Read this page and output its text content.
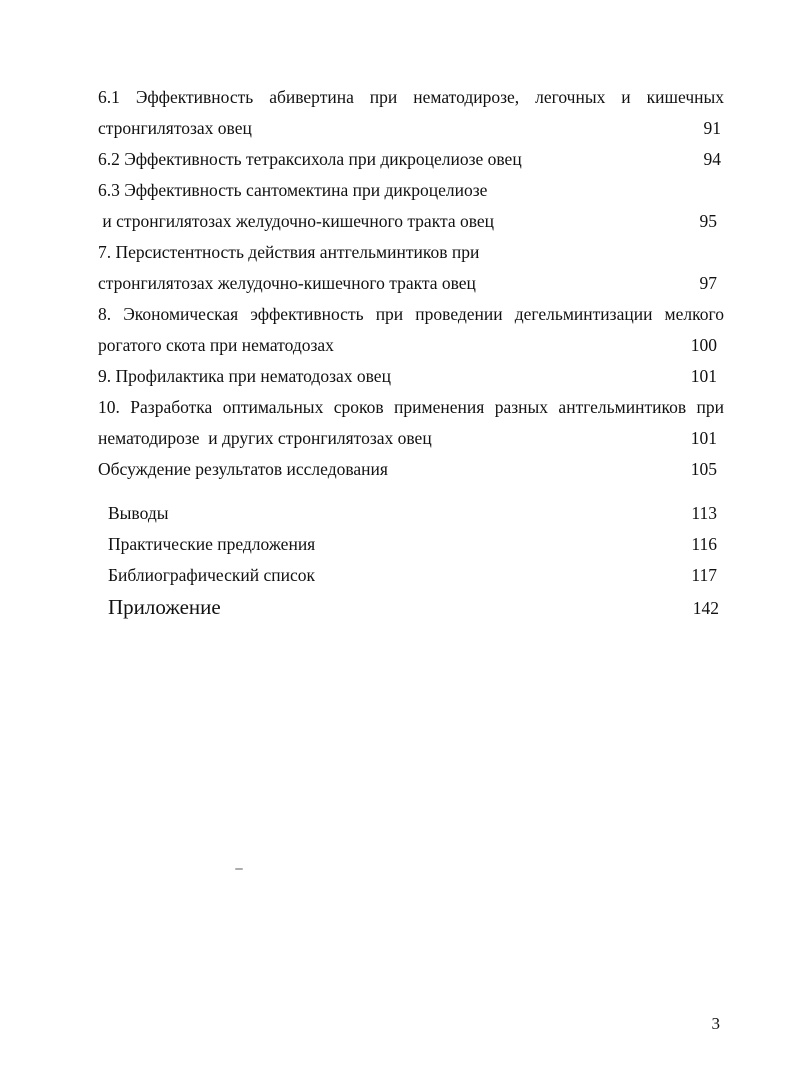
6.1 Эффективность абивертина при нематодирозе, легочных и кишечных
стронгилятозах овец	91
6.2 Эффективность тетраксихола при дикроцелиозе овец	94
6.3 Эффективность сантомектина при дикроцелиозе
и стронгилятозах желудочно-кишечного тракта овец	95
7. Персистентность действия антгельминтиков при
стронгилятозах желудочно-кишечного тракта овец	97
8. Экономическая эффективность при проведении дегельминтизации мелкого
рогатого скота при нематодозах	100
9. Профилактика при нематодозах овец	101
10. Разработка оптимальных сроков применения разных антгельминтиков при
нематодирозе  и других стронгилятозах овец	101
Обсуждение результатов исследования	105
Выводы	113
Практические предложения	116
Библиографический список	117
Приложение	142
3
